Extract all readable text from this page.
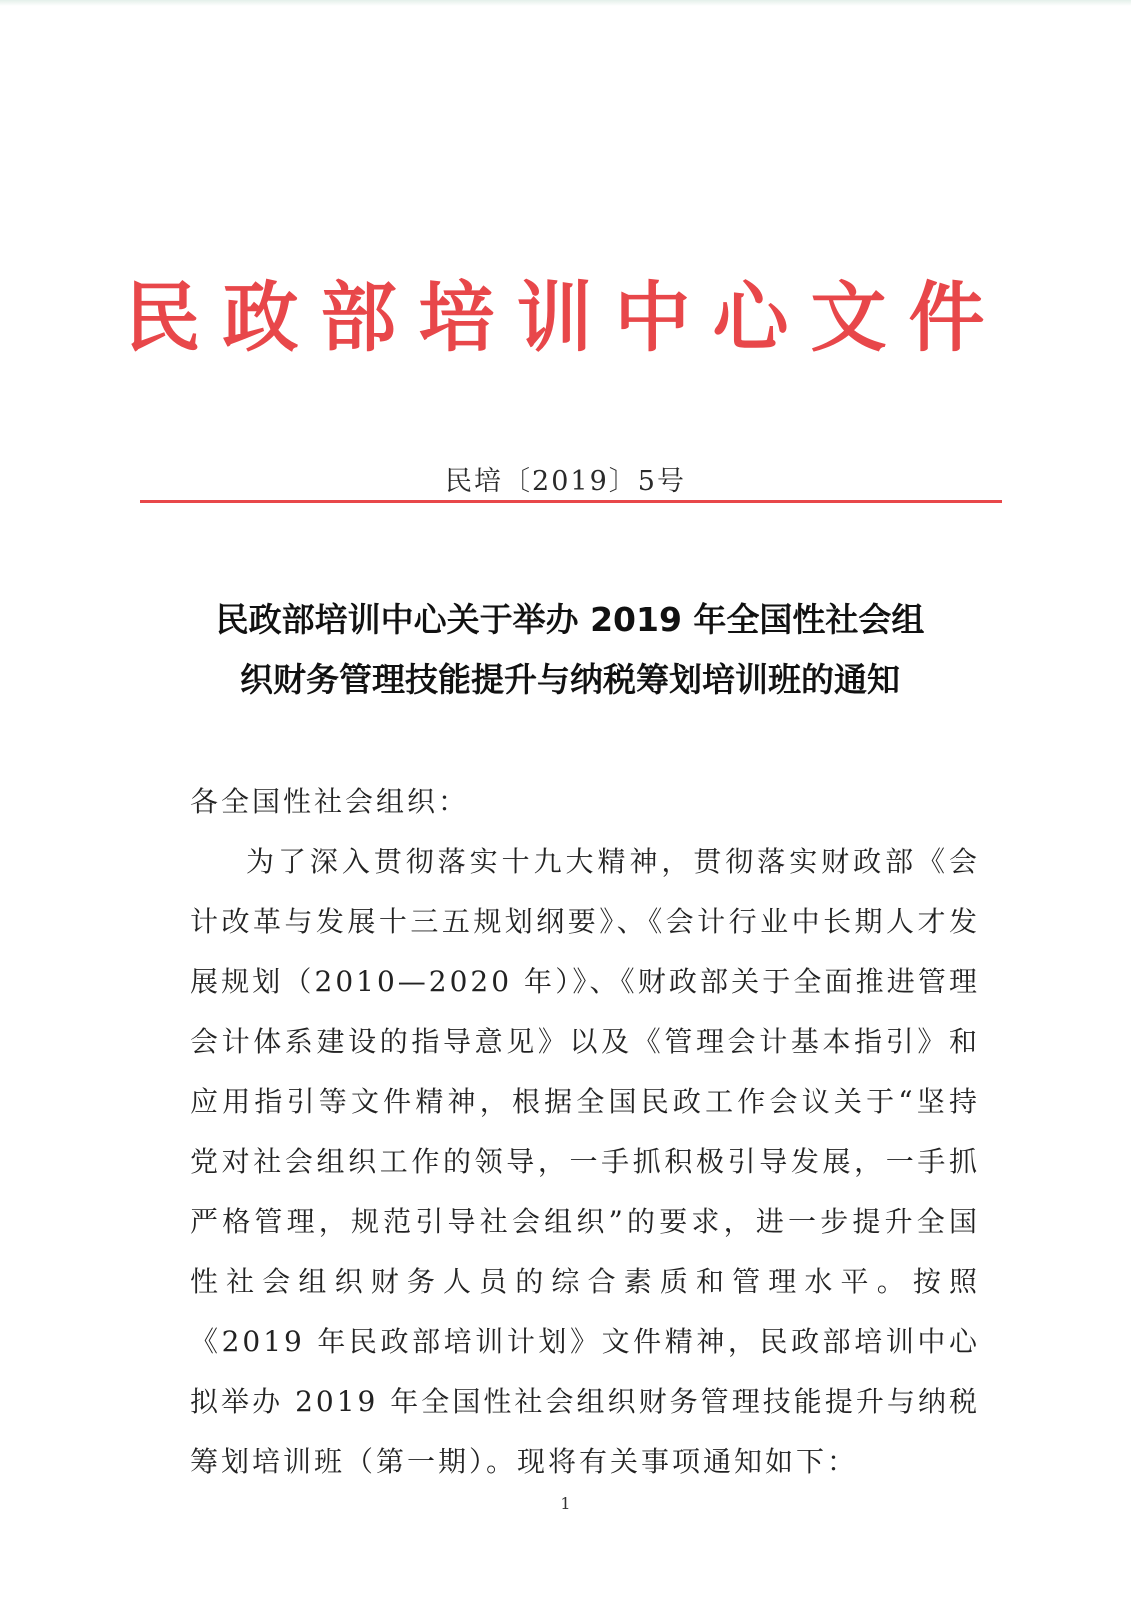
民政部培训中心文件
民培〔2019〕5号
民政部培训中心关于举办 2019 年全国性社会组
织财务管理技能提升与纳税筹划培训班的通知

各全国性社会组织：

为了深入贯彻落实十九大精神，贯彻落实财政部《会计改革与发展十三五规划纲要》、《会计行业中长期人才发展规划（2010—2020 年）》、《财政部关于全面推进管理会计体系建设的指导意见》以及《管理会计基本指引》和应用指引等文件精神，根据全国民政工作会议关于“坚持党对社会组织工作的领导，一手抓积极引导发展，一手抓严格管理，规范引导社会组织”的要求，进一步提升全国性社会组织财务人员的综合素质和管理水平。按照《2019 年民政部培训计划》文件精神，民政部培训中心拟举办 2019 年全国性社会组织财务管理技能提升与纳税筹划培训班（第一期）。现将有关事项通知如下：

1
